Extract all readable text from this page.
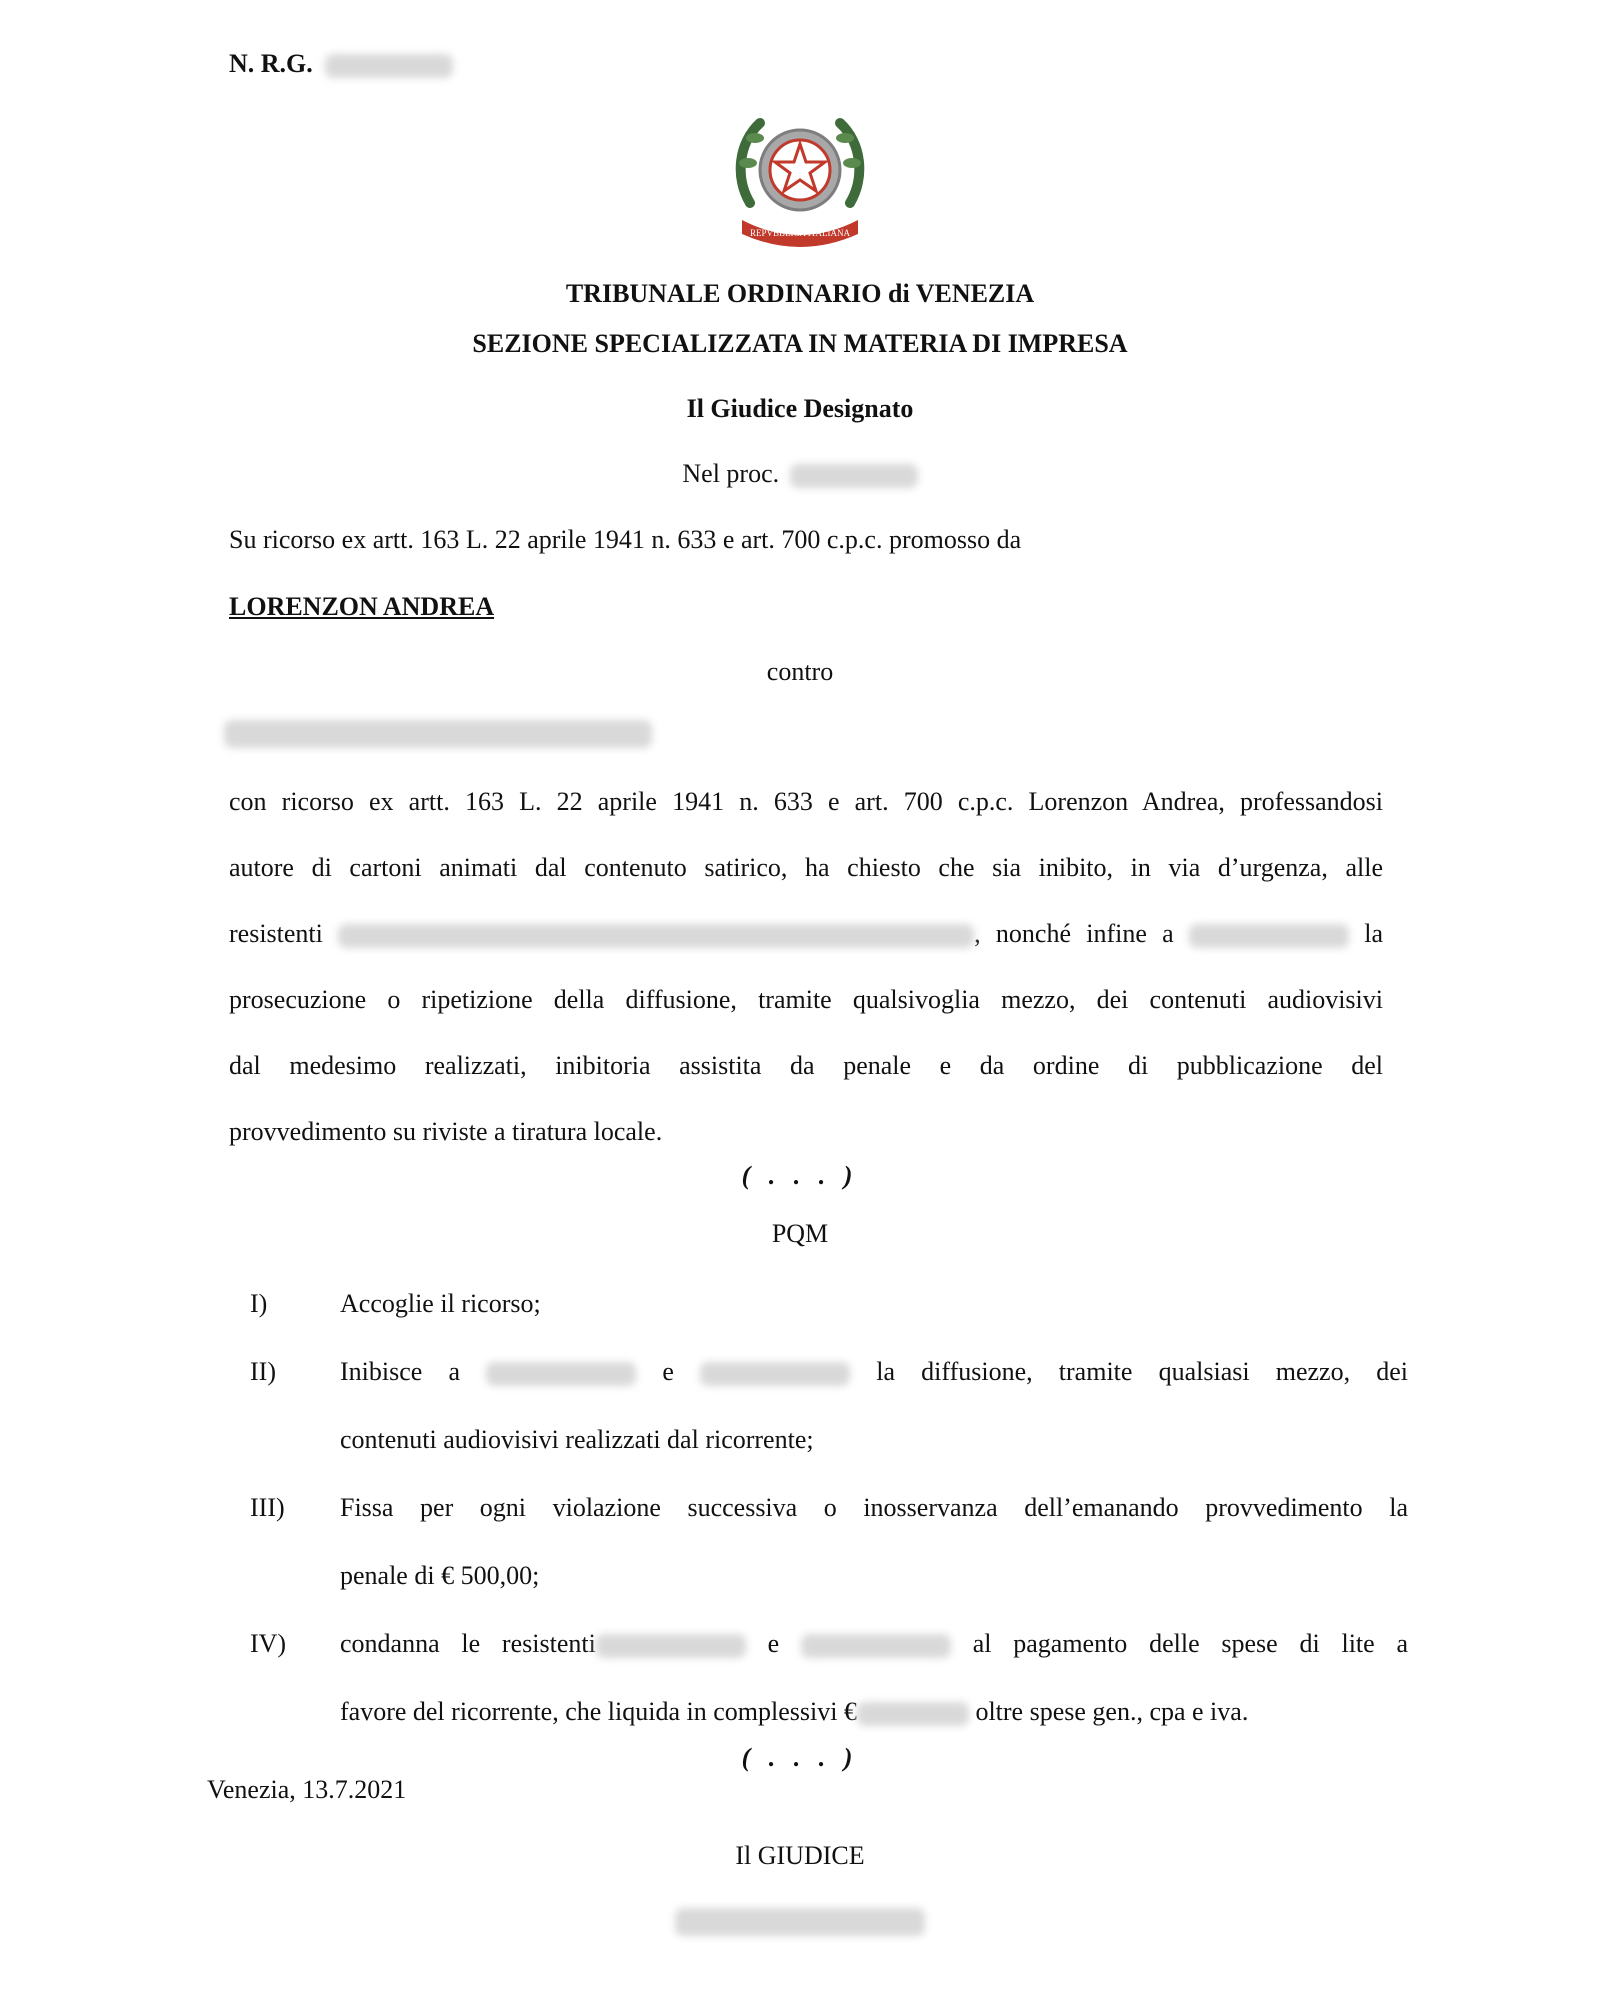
N. R.G.
REPVBBLICA ITALIANA
TRIBUNALE ORDINARIO di VENEZIA
SEZIONE SPECIALIZZATA IN MATERIA DI IMPRESA
Il Giudice Designato
Nel proc.
Su ricorso ex artt. 163 L. 22 aprile 1941 n. 633 e art. 700 c.p.c. promosso da
LORENZON ANDREA
contro
con ricorso ex artt. 163 L. 22 aprile 1941 n. 633 e art. 700 c.p.c. Lorenzon Andrea, professandosi
autore di cartoni animati dal contenuto satirico, ha chiesto che sia inibito, in via d’urgenza, alle
resistenti	, nonché infine a	la
prosecuzione o ripetizione della diffusione, tramite qualsivoglia mezzo, dei contenuti audiovisivi
dal medesimo realizzati, inibitoria assistita da penale e da ordine di pubblicazione del
provvedimento su riviste a tiratura locale.
( . . . )
PQM
I)	Accoglie il ricorso;
II) Inibisce a	e	la diffusione, tramite qualsiasi mezzo, dei
contenuti audiovisivi realizzati dal ricorrente;
III) Fissa per ogni violazione successiva o inosservanza dell’emanando provvedimento la
penale di € 500,00;
IV) condanna le resistenti	e	al pagamento delle spese di lite a
favore del ricorrente, che liquida in complessivi €	oltre spese gen., cpa e iva.
( . . . )
Venezia, 13.7.2021
Il GIUDICE
